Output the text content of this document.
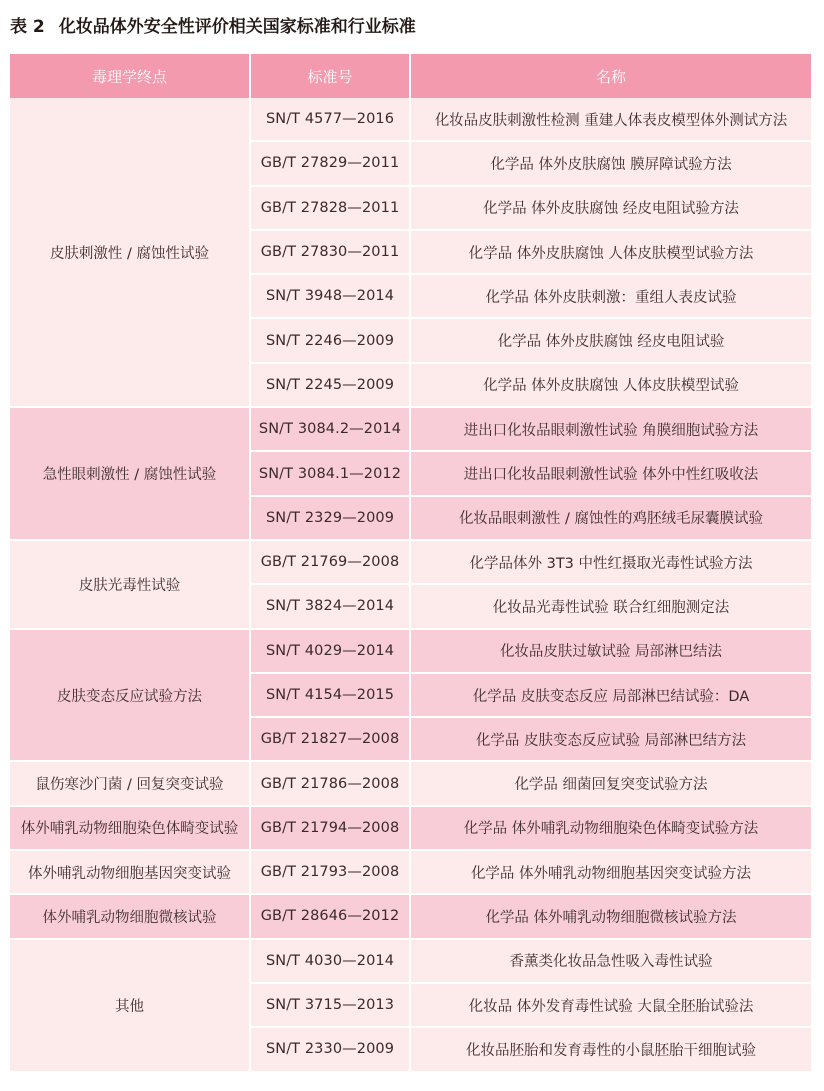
表 2 化妆品体外安全性评价相关国家标准和行业标准
毒理学终点	标准号	名称
皮肤刺激性 / 腐蚀性试验	SN/T 4577—2016	化妆品皮肤刺激性检测 重建人体表皮模型体外测试方法
	GB/T 27829—2011	化学品 体外皮肤腐蚀 膜屏障试验方法
	GB/T 27828—2011	化学品 体外皮肤腐蚀 经皮电阻试验方法
	GB/T 27830—2011	化学品 体外皮肤腐蚀 人体皮肤模型试验方法
	SN/T 3948—2014	化学品 体外皮肤刺激：重组人表皮试验
	SN/T 2246—2009	化学品 体外皮肤腐蚀 经皮电阻试验
	SN/T 2245—2009	化学品 体外皮肤腐蚀 人体皮肤模型试验
急性眼刺激性 / 腐蚀性试验	SN/T 3084.2—2014	进出口化妆品眼刺激性试验 角膜细胞试验方法
	SN/T 3084.1—2012	进出口化妆品眼刺激性试验 体外中性红吸收法
	SN/T 2329—2009	化妆品眼刺激性 / 腐蚀性的鸡胚绒毛尿囊膜试验
皮肤光毒性试验	GB/T 21769—2008	化学品体外 3T3 中性红摄取光毒性试验方法
	SN/T 3824—2014	化妆品光毒性试验 联合红细胞测定法
皮肤变态反应试验方法	SN/T 4029—2014	化妆品皮肤过敏试验 局部淋巴结法
	SN/T 4154—2015	化学品 皮肤变态反应 局部淋巴结试验：DA
	GB/T 21827—2008	化学品 皮肤变态反应试验 局部淋巴结方法
鼠伤寒沙门菌 / 回复突变试验	GB/T 21786—2008	化学品 细菌回复突变试验方法
体外哺乳动物细胞染色体畸变试验	GB/T 21794—2008	化学品 体外哺乳动物细胞染色体畸变试验方法
体外哺乳动物细胞基因突变试验	GB/T 21793—2008	化学品 体外哺乳动物细胞基因突变试验方法
体外哺乳动物细胞微核试验	GB/T 28646—2012	化学品 体外哺乳动物细胞微核试验方法
其他	SN/T 4030—2014	香薰类化妆品急性吸入毒性试验
	SN/T 3715—2013	化妆品 体外发育毒性试验 大鼠全胚胎试验法
	SN/T 2330—2009	化妆品胚胎和发育毒性的小鼠胚胎干细胞试验
